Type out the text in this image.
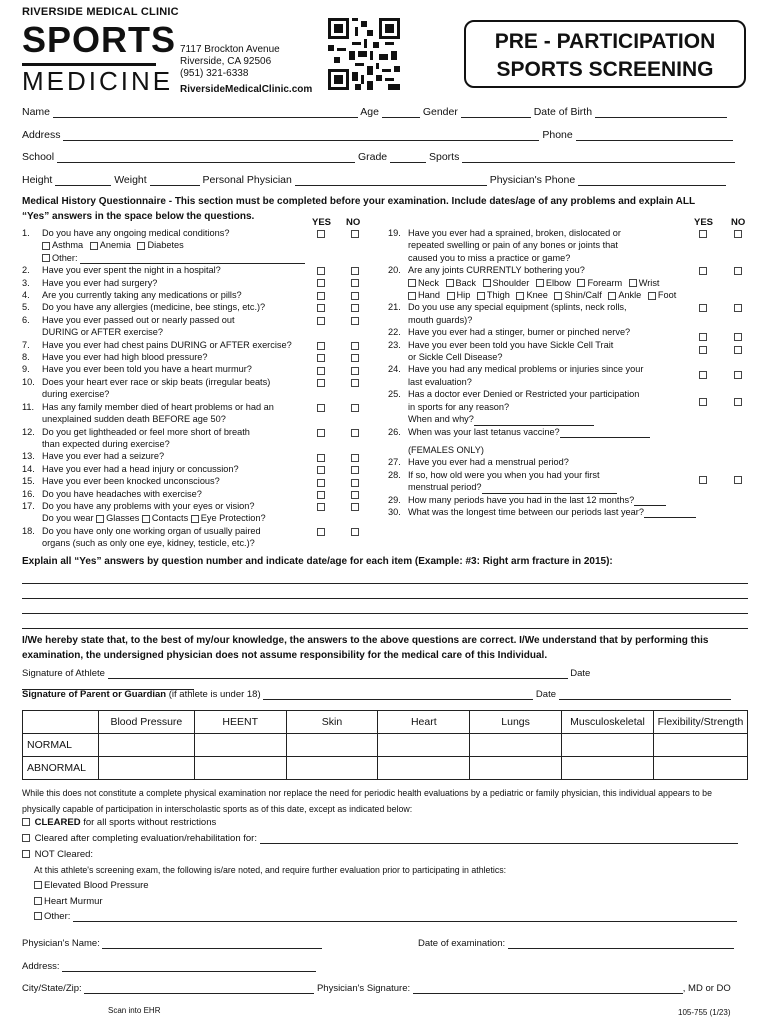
RIVERSIDE MEDICAL CLINIC
SPORTS
MEDICINE
7117 Brockton Avenue
Riverside, CA 92506
(951) 321-6338
RiversideMedicalClinic.com
PRE - PARTICIPATION
SPORTS SCREENING
Name	Age	Gender	Date of Birth
Address	Phone
School	Grade	Sports
Height	Weight	Personal Physician	Physician's Phone
Medical History Questionnaire - This section must be completed before your examination. Include dates/age of any problems and explain ALL
“Yes” answers in the space below the questions.
YES NO	YES NO
1. Do you have any ongoing medical conditions?
Asthma Anemia Diabetes
Other:
2. Have you ever spent the night in a hospital?
3. Have you ever had surgery?
4. Are you currently taking any medications or pills?
5. Do you have any allergies (medicine, bee stings, etc.)?
6. Have you ever passed out or nearly passed out
DURING or AFTER exercise?
7. Have you ever had chest pains DURING or AFTER exercise?
8. Have you ever had high blood pressure?
9. Have you ever been told you have a heart murmur?
10. Does your heart ever race or skip beats (irregular beats)
during exercise?
11. Has any family member died of heart problems or had an
unexplained sudden death BEFORE age 50?
12. Do you get lightheaded or feel more short of breath
than expected during exercise?
13. Have you ever had a seizure?
14. Have you ever had a head injury or concussion?
15. Have you ever been knocked unconscious?
16. Do you have headaches with exercise?
17. Do you have any problems with your eyes or vision?
Do you wear Glasses Contacts Eye Protection?
18. Do you have only one working organ of usually paired
organs (such as only one eye, kidney, testicle, etc.)?
19. Have you ever had a sprained, broken, dislocated or
repeated swelling or pain of any bones or joints that
caused you to miss a practice or game?
20. Are any joints CURRENTLY bothering you?
Neck Back Shoulder Elbow Forearm Wrist
Hand Hip Thigh Knee Shin/Calf Ankle Foot
21. Do you use any special equipment (splints, neck rolls,
mouth guards)?
22. Have you ever had a stinger, burner or pinched nerve?
23. Have you ever been told you have Sickle Cell Trait
or Sickle Cell Disease?
24. Have you had any medical problems or injuries since your
last evaluation?
25. Has a doctor ever Denied or Restricted your participation
in sports for any reason?
When and why?
26. When was your last tetanus vaccine?
(FEMALES ONLY)
27. Have you ever had a menstrual period?
28. If so, how old were you when you had your first
menstrual period?
29. How many periods have you had in the last 12 months?
30. What was the longest time between our periods last year?
Explain all “Yes” answers by question number and indicate date/age for each item (Example: #3: Right arm fracture in 2015):
I/We hereby state that, to the best of my/our knowledge, the answers to the above questions are correct. I/We understand that by performing this examination, the undersigned physician does not assume responsibility for the medical care of this Individual.
Signature of Athlete	Date
Signature of Parent or Guardian (if athlete is under 18)	Date
	Blood Pressure	HEENT	Skin	Heart	Lungs	Musculoskeletal	Flexibility/Strength
NORMAL							
ABNORMAL							
While this does not constitute a complete physical examination nor replace the need for periodic health evaluations by a pediatric or family physician, this individual appears to be physically capable of participation in interscholastic sports as of this date, except as indicated below:
CLEARED for all sports without restrictions
Cleared after completing evaluation/rehabilitation for:
NOT Cleared:
At this athlete's screening exam, the following is/are noted, and require further evaluation prior to participating in athletics:
Elevated Blood Pressure
Heart Murmur
Other:
Physician's Name:	Date of examination:
Address:
City/State/Zip:	Physician's Signature:	, MD or DO
Scan into EHR	105-755 (1/23)
